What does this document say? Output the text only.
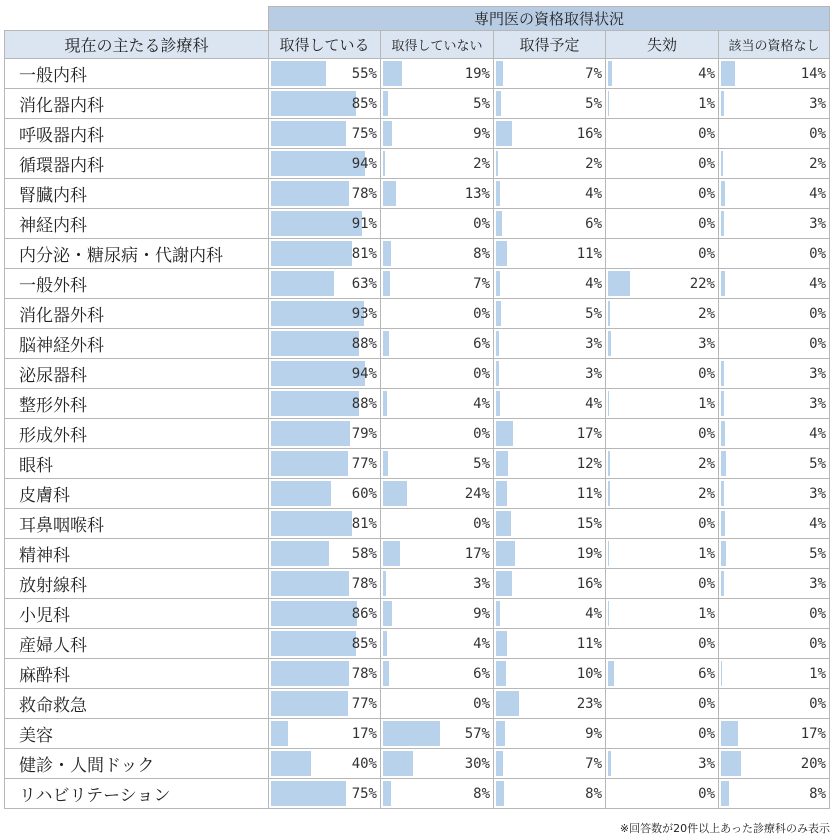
	専門医の資格取得状況				
現在の主たる診療科	取得している	取得していない	取得予定	失効	該当の資格なし
一般内科	55%	19%	7%	4%	14%

消化器内科	85%	5%	5%	1%	3%

呼吸器内科	75%	9%	16%	0%	0%

循環器内科	94%	2%	2%	0%	2%

腎臓内科	78%	13%	4%	0%	4%

神経内科	91%	0%	6%	0%	3%

内分泌・糖尿病・代謝内科	81%	8%	11%	0%	0%

一般外科	63%	7%	4%	22%	4%

消化器外科	93%	0%	5%	2%	0%

脳神経外科	88%	6%	3%	3%	0%

泌尿器科	94%	0%	3%	0%	3%

整形外科	88%	4%	4%	1%	3%

形成外科	79%	0%	17%	0%	4%

眼科	77%	5%	12%	2%	5%

皮膚科	60%	24%	11%	2%	3%

耳鼻咽喉科	81%	0%	15%	0%	4%

精神科	58%	17%	19%	1%	5%

放射線科	78%	3%	16%	0%	3%

小児科	86%	9%	4%	1%	0%

産婦人科	85%	4%	11%	0%	0%

麻酔科	78%	6%	10%	6%	1%

救命救急	77%	0%	23%	0%	0%

美容	17%	57%	9%	0%	17%

健診・人間ドック	40%	30%	7%	3%	20%

リハビリテーション	75%	8%	8%	0%	8%
※回答数が20件以上あった診療科のみ表示
